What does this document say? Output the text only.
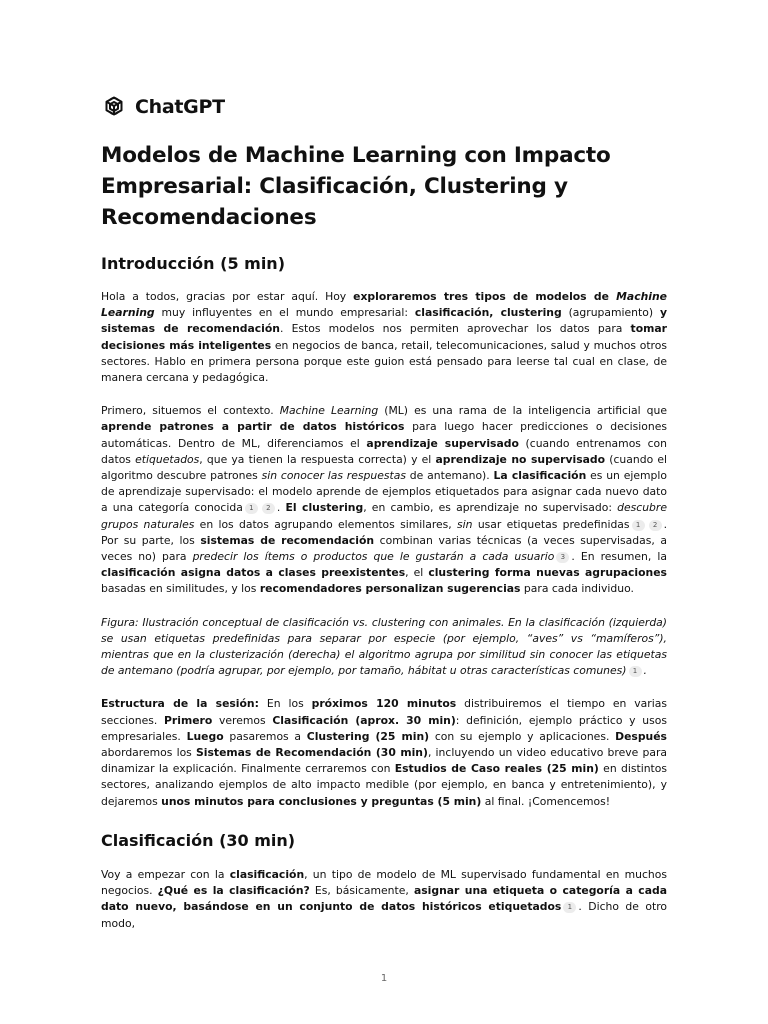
ChatGPT
Modelos de Machine Learning con Impacto Empresarial: Clasificación, Clustering y Recomendaciones
Introducción (5 min)

Hola a todos, gracias por estar aquí. Hoy exploraremos tres tipos de modelos de Machine Learning muy influyentes en el mundo empresarial: clasificación, clustering (agrupamiento) y sistemas de recomendación. Estos modelos nos permiten aprovechar los datos para tomar decisiones más inteligentes en negocios de banca, retail, telecomunicaciones, salud y muchos otros sectores. Hablo en primera persona porque este guion está pensado para leerse tal cual en clase, de manera cercana y pedagógica.

Primero, situemos el contexto. Machine Learning (ML) es una rama de la inteligencia artificial que aprende patrones a partir de datos históricos para luego hacer predicciones o decisiones automáticas. Dentro de ML, diferenciamos el aprendizaje supervisado (cuando entrenamos con datos etiquetados, que ya tienen la respuesta correcta) y el aprendizaje no supervisado (cuando el algoritmo descubre patrones sin conocer las respuestas de antemano). La clasificación es un ejemplo de aprendizaje supervisado: el modelo aprende de ejemplos etiquetados para asignar cada nuevo dato a una categoría conocida 1 2 . El clustering, en cambio, es aprendizaje no supervisado: descubre grupos naturales en los datos agrupando elementos similares, sin usar etiquetas predefinidas 1 2 . Por su parte, los sistemas de recomendación combinan varias técnicas (a veces supervisadas, a veces no) para predecir los ítems o productos que le gustarán a cada usuario 3 . En resumen, la clasificación asigna datos a clases preexistentes, el clustering forma nuevas agrupaciones basadas en similitudes, y los recomendadores personalizan sugerencias para cada individuo.

Figura: Ilustración conceptual de clasificación vs. clustering con animales. En la clasificación (izquierda) se usan etiquetas predefinidas para separar por especie (por ejemplo, “aves” vs “mamíferos”), mientras que en la clusterización (derecha) el algoritmo agrupa por similitud sin conocer las etiquetas de antemano (podría agrupar, por ejemplo, por tamaño, hábitat u otras características comunes) 1 .

Estructura de la sesión: En los próximos 120 minutos distribuiremos el tiempo en varias secciones. Primero veremos Clasificación (aprox. 30 min): definición, ejemplo práctico y usos empresariales. Luego pasaremos a Clustering (25 min) con su ejemplo y aplicaciones. Después abordaremos los Sistemas de Recomendación (30 min), incluyendo un video educativo breve para dinamizar la explicación. Finalmente cerraremos con Estudios de Caso reales (25 min) en distintos sectores, analizando ejemplos de alto impacto medible (por ejemplo, en banca y entretenimiento), y dejaremos unos minutos para conclusiones y preguntas (5 min) al final. ¡Comencemos!

Clasificación (30 min)

Voy a empezar con la clasificación, un tipo de modelo de ML supervisado fundamental en muchos negocios. ¿Qué es la clasificación? Es, básicamente, asignar una etiqueta o categoría a cada dato nuevo, basándose en un conjunto de datos históricos etiquetados 1 . Dicho de otro modo,

1
